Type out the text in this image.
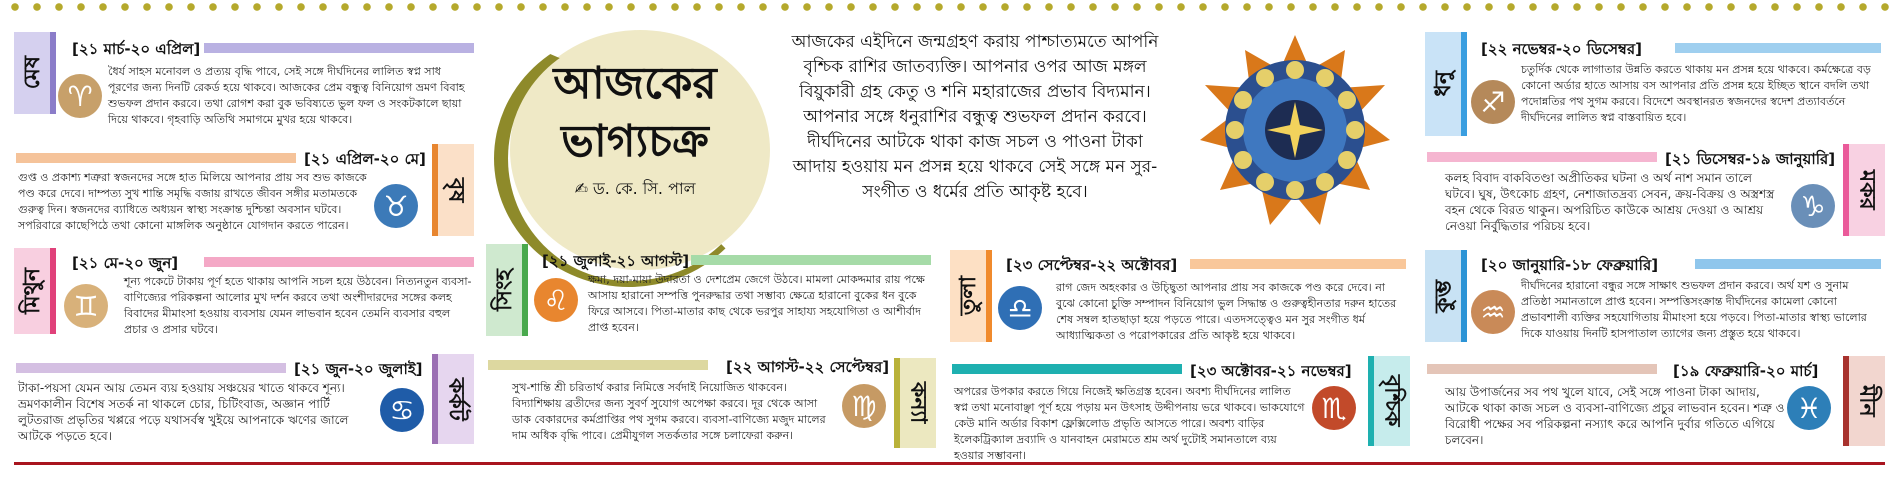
মেষ
[২১ মার্চ-২০ এপ্রিল]
♈
ধৈর্য সাহস মনোবল ও প্রত্যয় বৃদ্ধি পাবে, সেই সঙ্গে দীর্ঘদিনের লালিত স্বপ্ন সাধ পূরণের জন্য দিনটি রেকর্ড হয়ে থাকবে। আজকের প্রেম বন্ধুত্ব বিনিয়োগ ভ্রমণ বিবাহ শুভফল প্রদান করবে। তথা রোগশ করা বুক ভবিষ্যতে ভুল ফল ও সংকটকালে ছায়া দিয়ে থাকবে। গৃহবাড়ি অতিথি সমাগমে মুখর হয়ে থাকবে।
[২১ এপ্রিল-২০ মে]
বৃষ
♉
গুপ্ত ও প্রকাশ্য শত্রুরা স্বজনদের সঙ্গে হাত মিলিয়ে আপনার প্রায় সব শুভ কাজকে পণ্ড করে দেবে। দাম্পত্য সুখ শান্তি সমৃদ্ধি বজায় রাখতে জীবন সঙ্গীর মতামতকে গুরুত্ব দিন। স্বজনদের ব্যাধিতে অধ্যয়ন স্বাস্থ্য সংক্রান্ত দুশ্চিন্তা অবসান ঘটবে। সপরিবারে কাছেপিঠে তথা কোনো মাঙ্গলিক অনুষ্ঠানে যোগদান করতে পারেন।
মিথুন
[২১ মে-২০ জুন]
♊
শূন্য পকেটে টাকায় পূর্ণ হতে থাকায় আপনি সচল হয়ে উঠবেন। নিত্যনতুন ব্যবসা-বাণিজ্যের পরিকল্পনা আলোর মুখ দর্শন করবে তথা অংশীদারদের সঙ্গের কলহ বিবাদের মীমাংসা হওয়ায় ব্যবসায় যেমন লাভবান হবেন তেমনি ব্যবসার বহুল প্রচার ও প্রসার ঘটবে।
[২১ জুন-২০ জুলাই]
কর্কট
♋
টাকা-পয়সা যেমন আয় তেমন ব্যয় হওয়ায় সঞ্চয়ের খাতে থাকবে শূন্য। ভ্রমণকালীন বিশেষ সতর্ক না থাকলে চোর, চিটিংবাজ, অজ্ঞান পার্টি লুটতরাজ প্রভৃতির খপ্পরে পড়ে যথাসর্বস্ব খুইয়ে আপনাকে ঋণের জালে আটকে পড়তে হবে।
আজকের
ভাগ্যচক্র
✍ ড. কে. সি. পাল
আজকের এইদিনে জন্মগ্রহণ করায় পাশ্চাত্যমতে আপনি বৃশ্চিক রাশির জাতব্যক্তি। আপনার ওপর আজ মঙ্গল বিয়ুকারী গ্রহ কেতু ও শনি মহারাজের প্রভাব বিদ্যমান। আপনার সঙ্গে ধনুরাশির বন্ধুত্ব শুভফল প্রদান করবে। দীর্ঘদিনের আটকে থাকা কাজ সচল ও পাওনা টাকা আদায় হওয়ায় মন প্রসন্ন হয়ে থাকবে সেই সঙ্গে মন সুর-সংগীত ও ধর্মের প্রতি আকৃষ্ট হবে।
সিংহ
[২১ জুলাই-২১ আগস্ট]
♌
ক্ষমা, দয়া-মায়া উদারতা ও দেশপ্রেম জেগে উঠবে। মামলা মোকদ্দমার রায় পক্ষে আসায় হারানো সম্পত্তি পুনরুদ্ধার তথা সম্ভাব্য ক্ষেত্রে হারানো বুকের ধন বুকে ফিরে আসবে। পিতা-মাতার কাছ থেকে ভরপুর সাহায্য সহযোগিতা ও আশীর্বাদ প্রাপ্ত হবেন।
[২২ আগস্ট-২২ সেপ্টেম্বর]
কন্যা
♍
সুখ-শান্তি শ্রী চরিতার্থ করার নিমিত্তে সর্বদাই নিয়োজিত থাকবেন। বিদ্যাশিক্ষায় ব্রতীদের জন্য সুবর্ণ সুযোগ অপেক্ষা করবে। দূর থেকে আসা ডাক বেকারদের কর্মপ্রাপ্তির পথ সুগম করবে। ব্যবসা-বাণিজ্যে মজুদ মালের দাম অধিক বৃদ্ধি পাবে। প্রেমীযুগল সতর্কতার সঙ্গে চলাফেরা করুন।
তুলা
[২৩ সেপ্টেম্বর-২২ অক্টোবর]
♎
রাগ জেদ অহংকার ও উচ্ছ্বিতা আপনার প্রায় সব কাজকে পণ্ড করে দেবে। না বুঝে কোনো চুক্তি সম্পাদন বিনিয়োগ ভুল সিদ্ধান্ত ও গুরুত্বহীনতার দরুন হাতের শেষ সম্বল হাতছাড়া হয়ে পড়তে পারে। এতদসত্ত্বেও মন সুর সংগীত ধর্ম আধ্যাত্মিকতা ও পরোপকারের প্রতি আকৃষ্ট হয়ে থাকবে।
[২৩ অক্টোবর-২১ নভেম্বর]
বৃশ্চিক
♏
অপরের উপকার করতে গিয়ে নিজেই ক্ষতিগ্রস্ত হবেন। অবশ্য দীর্ঘদিনের লালিত স্বপ্ন তথা মনোবাঞ্ছা পূর্ণ হয়ে পড়ায় মন উৎসাহ উদ্দীপনায় ভরে থাকবে। ভাকযোগে কেউ মানি অর্ডার বিকাশ ফ্লেক্সিলোড প্রভৃতি আসতে পারে। অবশ্য বাড়ির ইলেকট্রিক্যাল দ্রব্যাদি ও যানবাহন মেরামতে শ্রম অর্থ দুটোই সমানতালে ব্যয় হওয়ার সম্ভাবনা।
ধনু
[২২ নভেম্বর-২০ ডিসেম্বর]
♐
চতুর্দিক থেকে লাগাতার উন্নতি করতে থাকায় মন প্রসন্ন হয়ে থাকবে। কর্মক্ষেত্রে বড় কোনো অর্ডার হাতে আসায় বস আপনার প্রতি প্রসন্ন হয়ে ইচ্ছিত স্থানে বদলি তথা পদোন্নতির পথ সুগম করবে। বিদেশে অবস্থানরত স্বজনদের স্বদেশ প্রত্যাবর্তনে দীর্ঘদিনের লালিত স্বপ্ন বাস্তবায়িত হবে।
[২১ ডিসেম্বর-১৯ জানুয়ারি]
মকর
♑
কলহ বিবাদ বাকবিতণ্ডা অপ্রীতিকর ঘটনা ও অর্থ নাশ সমান তালে ঘটবে। ঘুষ, উৎকোচ গ্রহণ, নেশাজাতদ্রব্য সেবন, ক্রয়-বিক্রয় ও অস্ত্রশস্ত্র বহন থেকে বিরত থাকুন। অপরিচিত কাউকে আশ্রয় দেওয়া ও আশ্রয় নেওয়া নির্বুদ্ধিতার পরিচয় হবে।
কুম্ভ
[২০ জানুয়ারি-১৮ ফেব্রুয়ারি]
♒
দীর্ঘদিনের হারানো বন্ধুর সঙ্গে সাক্ষাৎ শুভফল প্রদান করবে। অর্থ যশ ও সুনাম প্রতিষ্ঠা সমানতালে প্রাপ্ত হবেন। সম্পত্তিসংক্রান্ত দীর্ঘদিনের কামেলা কোনো প্রভাবশালী ব্যক্তির সহযোগিতায় মীমাংসা হয়ে পড়বে। পিতা-মাতার স্বাস্থ্য ভালোর দিকে যাওয়ায় দিনটি হাসপাতাল ত্যাগের জন্য প্রস্তুত হয়ে থাকবে।
[১৯ ফেব্রুয়ারি-২০ মার্চ]
মীন
♓
আয় উপার্জনের সব পথ খুলে যাবে, সেই সঙ্গে পাওনা টাকা আদায়, আটকে থাকা কাজ সচল ও ব্যবসা-বাণিজ্যে প্রচুর লাভবান হবেন। শত্রু ও বিরোধী পক্ষের সব পরিকল্পনা নস্যাৎ করে আপনি দুর্বার গতিতে এগিয়ে চলবেন।
